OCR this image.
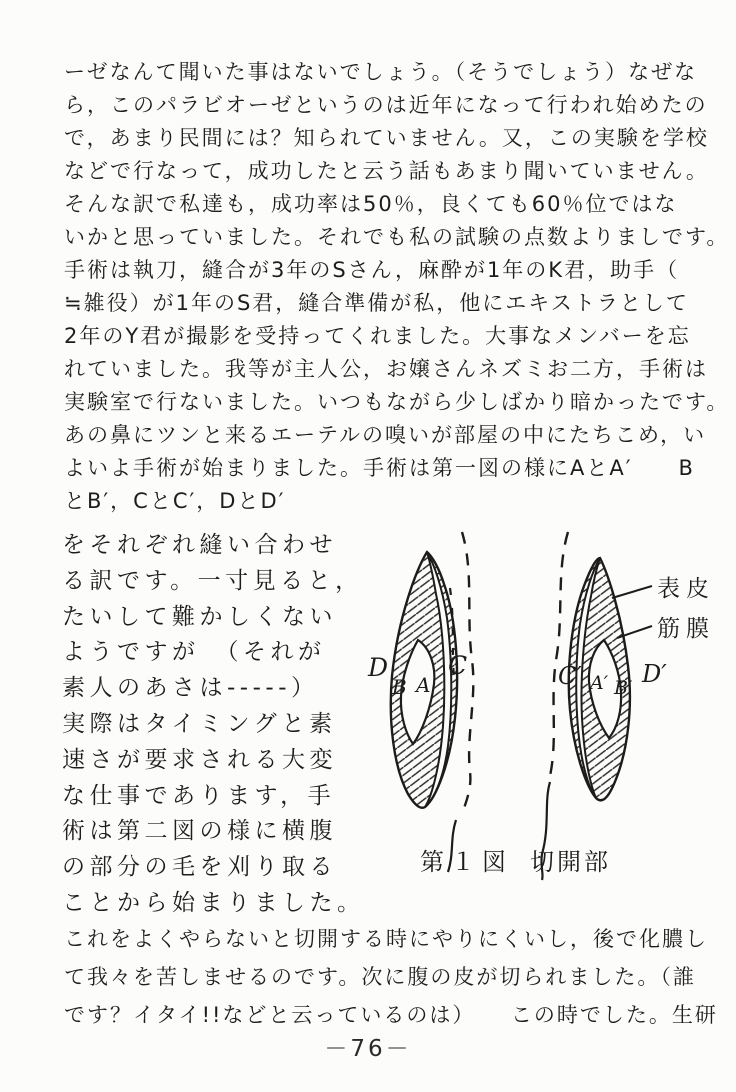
ーゼなんて聞いた事はないでしょう。（そうでしょう）なぜな
ら，このパラビオーゼというのは近年になって行われ始めたの
で，あまり民間には？知られていません。又，この実験を学校
などで行なって，成功したと云う話もあまり聞いていません。
そんな訳で私達も，成功率は50％，良くても60％位ではな
いかと思っていました。それでも私の試験の点数よりましです。
手術は執刀，縫合が3年のSさん，麻酔が1年のK君，助手（
≒雑役）が1年のS君，縫合準備が私，他にエキストラとして
2年のY君が撮影を受持ってくれました。大事なメンバーを忘
れていました。我等が主人公，お嬢さんネズミお二方，手術は
実験室で行ないました。いつもながら少しばかり暗かったです。
あの鼻にツンと来るエーテルの嗅いが部屋の中にたちこめ，い
よいよ手術が始まりました。手術は第一図の様にAとA′　　B
とB′，CとC′，DとD′
をそれぞれ縫い合わせ
る訳です。一寸見ると，
たいして難かしくない
ようですが　（それが
素人のあさは-----）
実際はタイミングと素
速さが要求される大変
な仕事であります，手
術は第二図の様に横腹
の部分の毛を刈り取る
ことから始まりました。
D
B A
C	C′ A′ B′ D′
表皮
筋膜
第１図 切開部
これをよくやらないと切開する時にやりにくいし，後で化膿し
て我々を苦しませるのです。次に腹の皮が切られました。（誰
です？イタイ!!などと云っているのは）　　この時でした。生研
－76－
